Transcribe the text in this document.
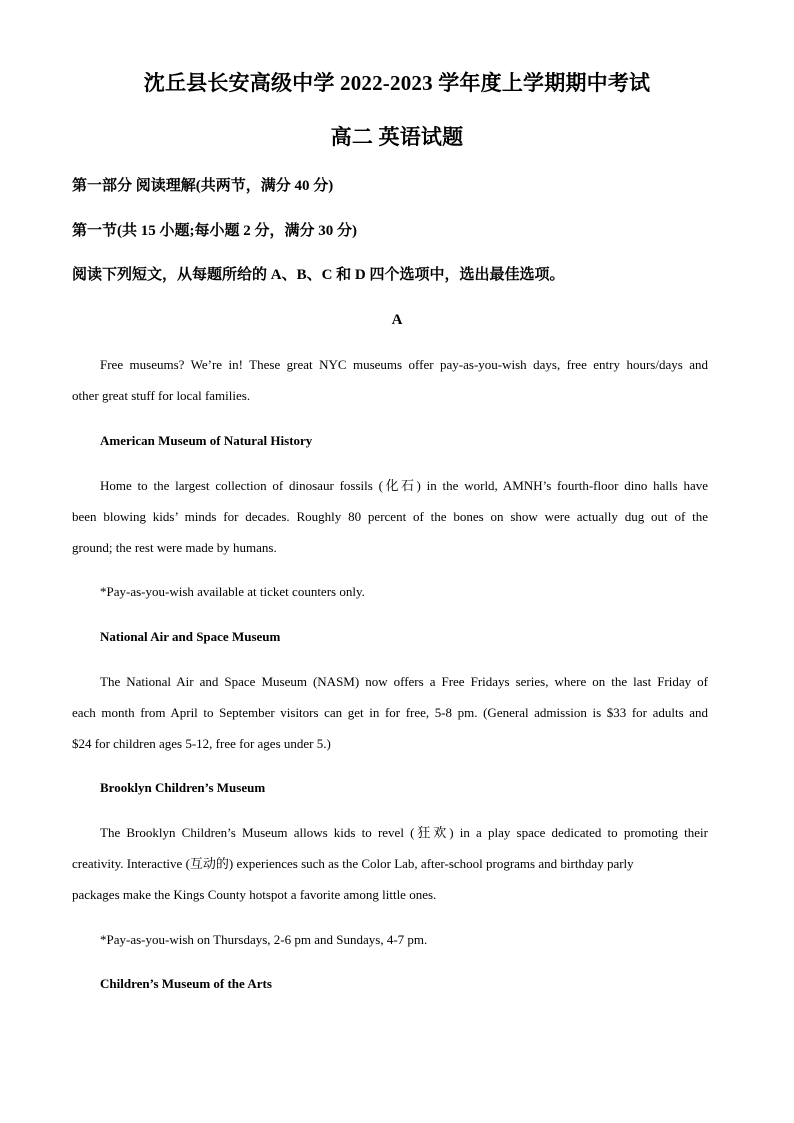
沈丘县长安高级中学 2022-2023 学年度上学期期中考试
高二 英语试题
第一部分 阅读理解(共两节，满分 40 分)
第一节(共 15 小题;每小题 2 分，满分 30 分)
阅读下列短文，从每题所给的 A、B、C 和 D 四个选项中，选出最佳选项。
A
Free museums? We’re in! These great NYC museums offer pay-as-you-wish days, free entry hours/days and
other great stuff for local families.
American Museum of Natural History
Home to the largest collection of dinosaur fossils (化石) in the world, AMNH’s fourth-floor dino halls have
been blowing kids’ minds for decades. Roughly 80 percent of the bones on show were actually dug out of the
ground; the rest were made by humans.
*Pay-as-you-wish available at ticket counters only.
National Air and Space Museum
The National Air and Space Museum (NASM) now offers a Free Fridays series, where on the last Friday of
each month from April to September visitors can get in for free, 5-8 pm. (General admission is $33 for adults and
$24 for children ages 5-12, free for ages under 5.)
Brooklyn Children’s Museum
The Brooklyn Children’s Museum allows kids to revel (狂欢) in a play space dedicated to promoting their
creativity. Interactive (互动的) experiences such as the Color Lab, after-school programs and birthday parly
packages make the Kings County hotspot a favorite among little ones.
*Pay-as-you-wish on Thursdays, 2-6 pm and Sundays, 4-7 pm.
Children’s Museum of the Arts
